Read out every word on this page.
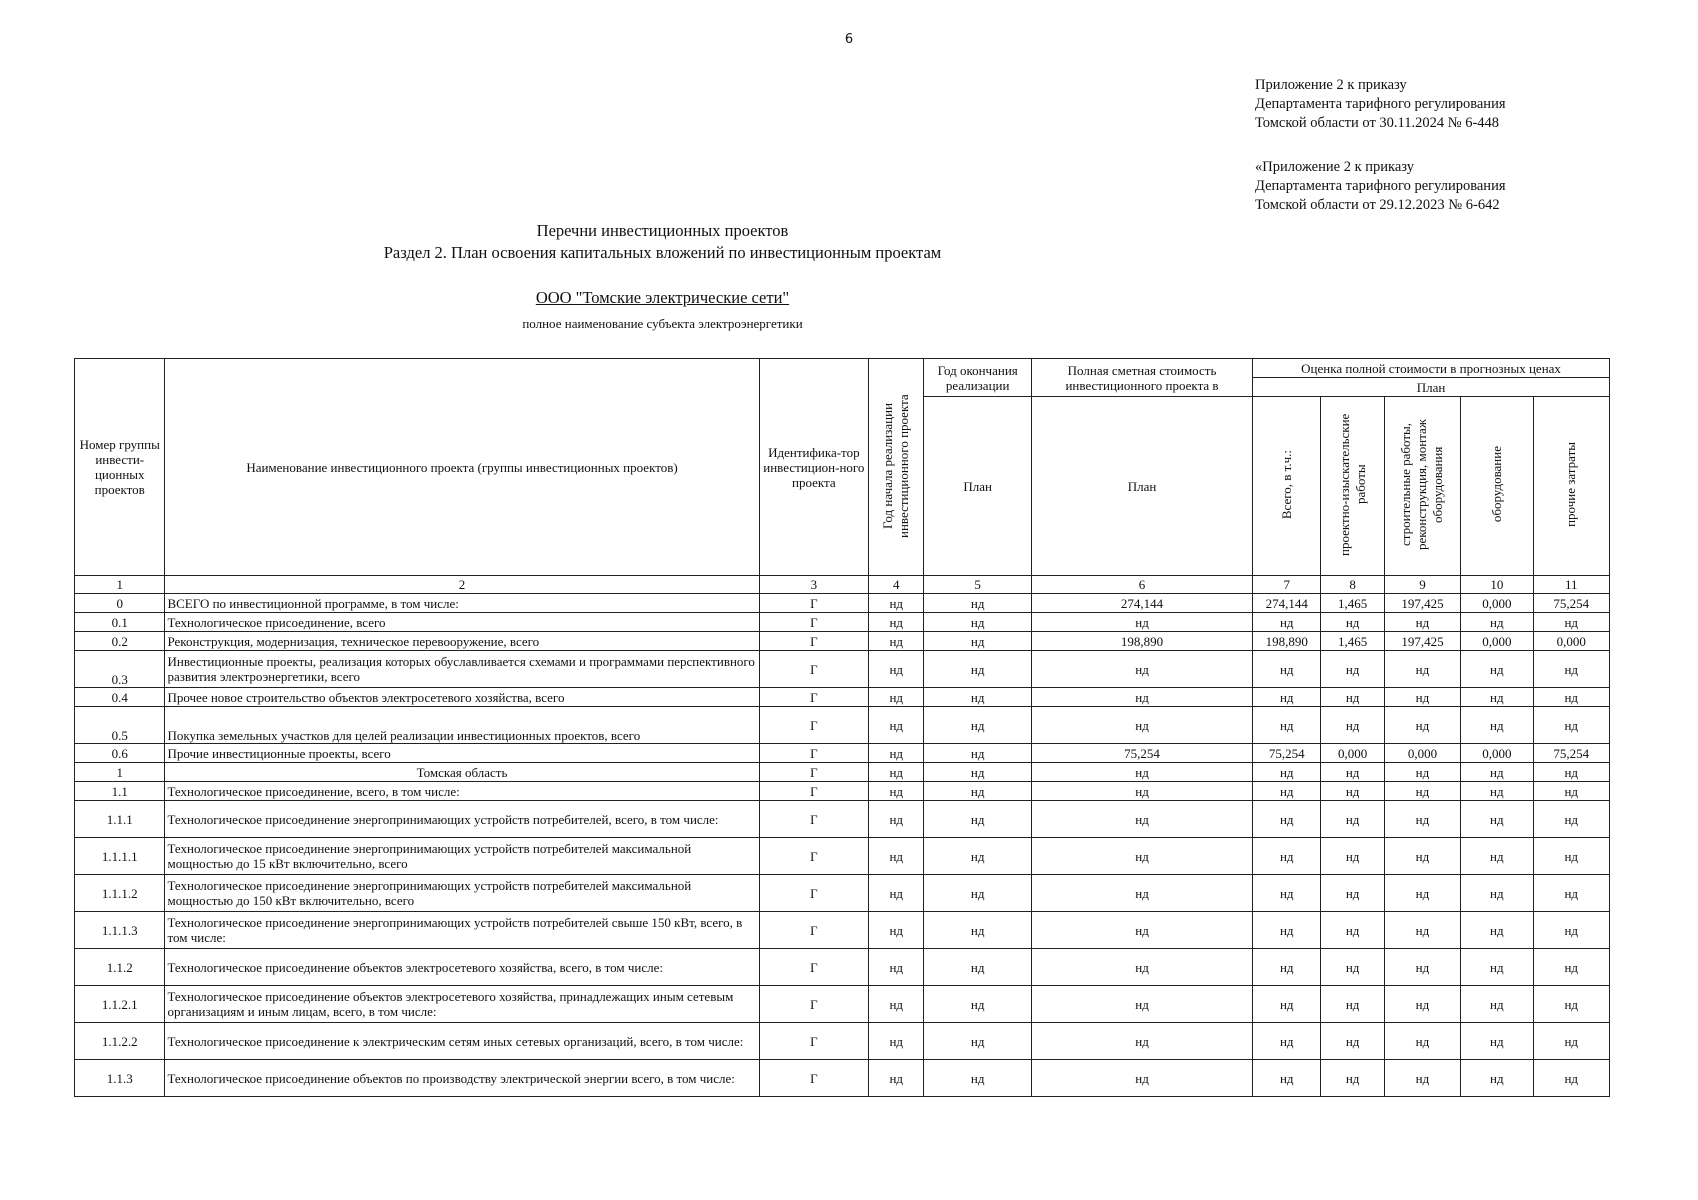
6
Приложение 2 к приказу
Департамента тарифного регулирования
Томской области от 30.11.2024 № 6-448
«Приложение 2 к приказу
Департамента тарифного регулирования
Томской области от 29.12.2023 № 6-642
Перечни инвестиционных проектов
Раздел 2. План освоения капитальных вложений по инвестиционным проектам
ООО "Томские электрические сети"
полное наименование субъекта электроэнергетики
Номер группы инвести-ционных проектов	Наименование инвестиционного проекта (группы инвестиционных проектов)	Идентифика-тор инвестицион-ного проекта	Год начала реализации инвестиционного проекта	Год окончания реализации	Полная сметная стоимость инвестиционного проекта в	Оценка полной стоимости в прогнозных ценах				
						План				
				План	План	Всего, в т.ч.:	проектно-изыскательские работы	строительные работы, реконструкция, монтаж оборудования	оборудование	прочие затраты
1	2	3	4	5	6	7	8	9	10	11
0	ВСЕГО по инвестиционной программе, в том числе:	Г	нд	нд	274,144	274,144	1,465	197,425	0,000	75,254
0.1	Технологическое присоединение, всего	Г	нд	нд	нд	нд	нд	нд	нд	нд
0.2	Реконструкция, модернизация, техническое перевооружение, всего	Г	нд	нд	198,890	198,890	1,465	197,425	0,000	0,000
0.3	Инвестиционные проекты, реализация которых обуславливается схемами и программами перспективного развития электроэнергетики, всего	Г	нд	нд	нд	нд	нд	нд	нд	нд
0.4	Прочее новое строительство объектов электросетевого хозяйства, всего	Г	нд	нд	нд	нд	нд	нд	нд	нд
0.5	Покупка земельных участков для целей реализации инвестиционных проектов, всего	Г	нд	нд	нд	нд	нд	нд	нд	нд
0.6	Прочие инвестиционные проекты, всего	Г	нд	нд	75,254	75,254	0,000	0,000	0,000	75,254
1	Томская область	Г	нд	нд	нд	нд	нд	нд	нд	нд
1.1	Технологическое присоединение, всего, в том числе:	Г	нд	нд	нд	нд	нд	нд	нд	нд
1.1.1	Технологическое присоединение энергопринимающих устройств потребителей, всего, в том числе:	Г	нд	нд	нд	нд	нд	нд	нд	нд
1.1.1.1	Технологическое присоединение энергопринимающих устройств потребителей максимальной мощностью до 15 кВт включительно, всего	Г	нд	нд	нд	нд	нд	нд	нд	нд
1.1.1.2	Технологическое присоединение энергопринимающих устройств потребителей максимальной мощностью до 150 кВт включительно, всего	Г	нд	нд	нд	нд	нд	нд	нд	нд
1.1.1.3	Технологическое присоединение энергопринимающих устройств потребителей свыше 150 кВт, всего, в том числе:	Г	нд	нд	нд	нд	нд	нд	нд	нд
1.1.2	Технологическое присоединение объектов электросетевого хозяйства, всего, в том числе:	Г	нд	нд	нд	нд	нд	нд	нд	нд
1.1.2.1	Технологическое присоединение объектов электросетевого хозяйства, принадлежащих иным сетевым организациям и иным лицам, всего, в том числе:	Г	нд	нд	нд	нд	нд	нд	нд	нд
1.1.2.2	Технологическое присоединение к электрическим сетям иных сетевых организаций, всего, в том числе:	Г	нд	нд	нд	нд	нд	нд	нд	нд
1.1.3	Технологическое присоединение объектов по производству электрической энергии всего, в том числе:	Г	нд	нд	нд	нд	нд	нд	нд	нд
